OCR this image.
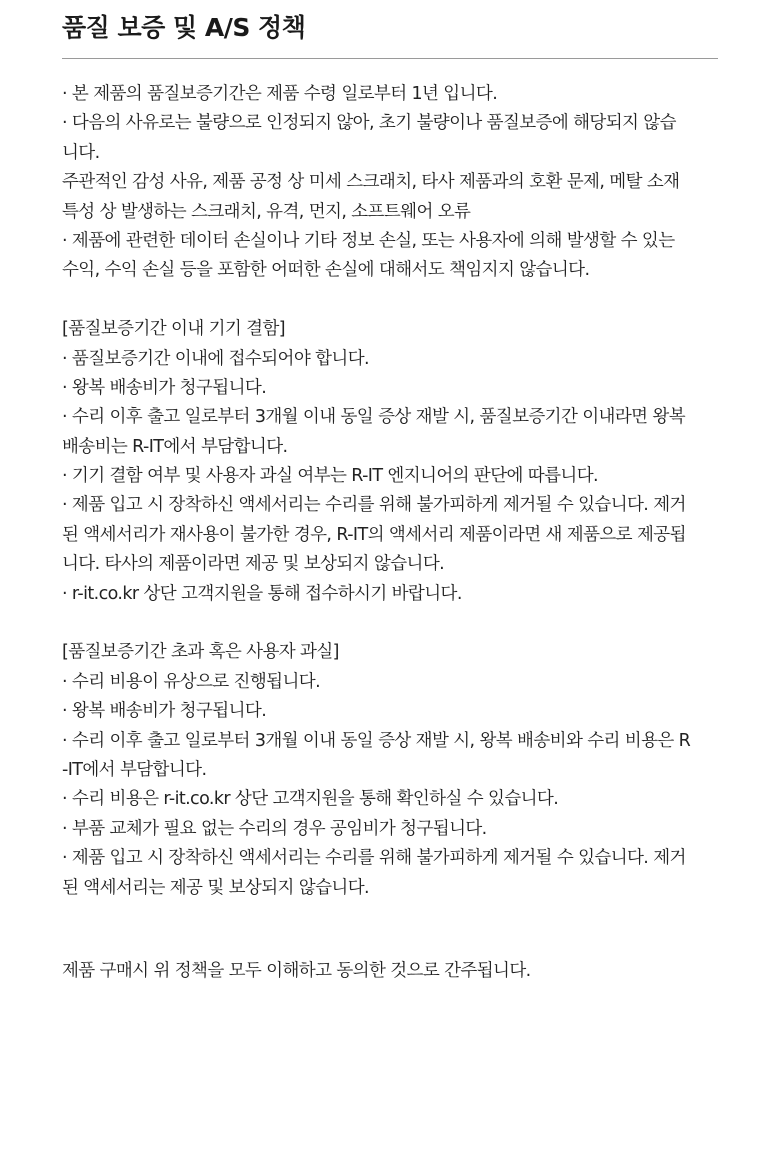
품질 보증 및 A/S 정책
· 본 제품의 품질보증기간은 제품 수령 일로부터 1년 입니다.
· 다음의 사유로는 불량으로 인정되지 않아, 초기 불량이나 품질보증에 해당되지 않습
니다.
주관적인 감성 사유, 제품 공정 상 미세 스크래치, 타사 제품과의 호환 문제, 메탈 소재
특성 상 발생하는 스크래치, 유격, 먼지, 소프트웨어 오류
· 제품에 관련한 데이터 손실이나 기타 정보 손실, 또는 사용자에 의해 발생할 수 있는
수익, 수익 손실 등을 포함한 어떠한 손실에 대해서도 책임지지 않습니다.
[품질보증기간 이내 기기 결함]
· 품질보증기간 이내에 접수되어야 합니다.
· 왕복 배송비가 청구됩니다.
· 수리 이후 출고 일로부터 3개월 이내 동일 증상 재발 시, 품질보증기간 이내라면 왕복
배송비는 R-IT에서 부담합니다.
· 기기 결함 여부 및 사용자 과실 여부는 R-IT 엔지니어의 판단에 따릅니다.
· 제품 입고 시 장착하신 액세서리는 수리를 위해 불가피하게 제거될 수 있습니다. 제거
된 액세서리가 재사용이 불가한 경우, R-IT의 액세서리 제품이라면 새 제품으로 제공됩
니다. 타사의 제품이라면 제공 및 보상되지 않습니다.
· r-it.co.kr 상단 고객지원을 통해 접수하시기 바랍니다.
[품질보증기간 초과 혹은 사용자 과실]
· 수리 비용이 유상으로 진행됩니다.
· 왕복 배송비가 청구됩니다.
· 수리 이후 출고 일로부터 3개월 이내 동일 증상 재발 시, 왕복 배송비와 수리 비용은 R
-IT에서 부담합니다.
· 수리 비용은 r-it.co.kr 상단 고객지원을 통해 확인하실 수 있습니다.
· 부품 교체가 필요 없는 수리의 경우 공임비가 청구됩니다.
· 제품 입고 시 장착하신 액세서리는 수리를 위해 불가피하게 제거될 수 있습니다. 제거
된 액세서리는 제공 및 보상되지 않습니다.
제품 구매시 위 정책을 모두 이해하고 동의한 것으로 간주됩니다.
